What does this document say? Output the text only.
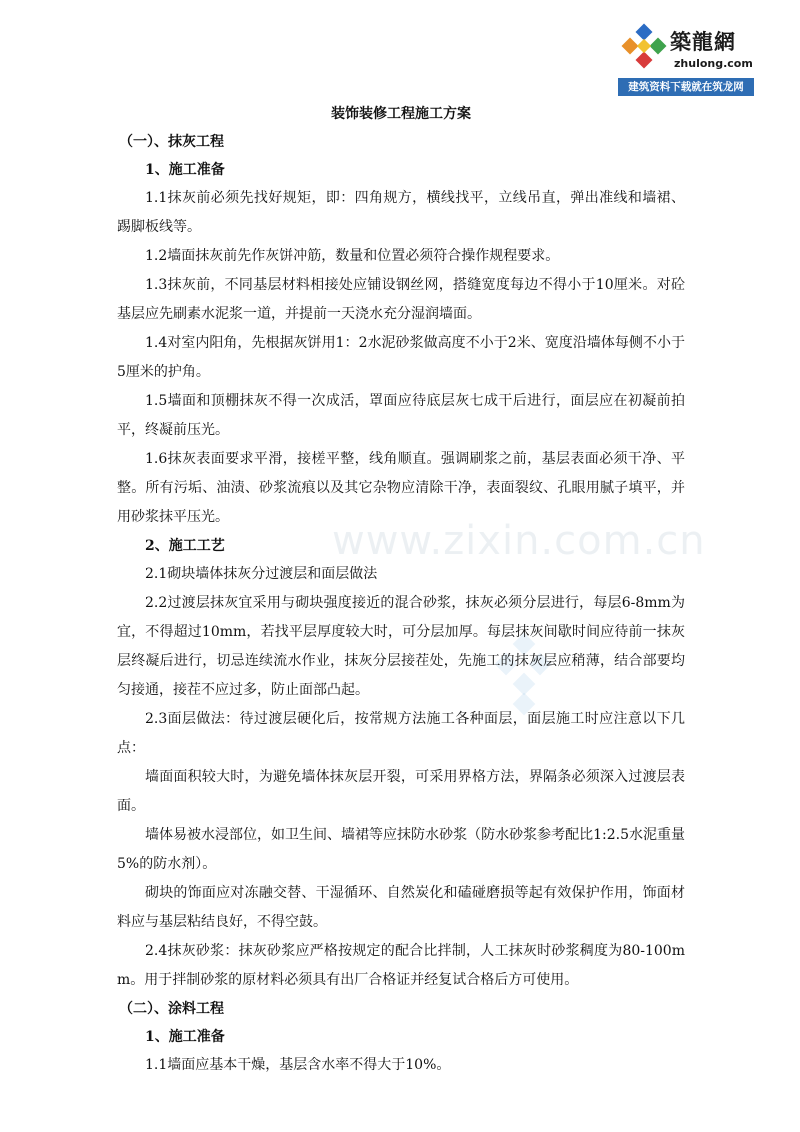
築龍網
zhulong.com
建筑资料下载就在筑龙网
www.zixin.com.cn
装饰装修工程施工方案
（一）、抹灰工程
1、施工准备

1.1抹灰前必须先找好规矩，即：四角规方，横线找平，立线吊直，弹出准线和墙裙、踢脚板线等。

1.2墙面抹灰前先作灰饼冲筋，数量和位置必须符合操作规程要求。

1.3抹灰前，不同基层材料相接处应铺设钢丝网，搭缝宽度每边不得小于10厘米。对砼基层应先刷素水泥浆一道，并提前一天浇水充分湿润墙面。

1.4对室内阳角，先根据灰饼用1：2水泥砂浆做高度不小于2米、宽度沿墙体每侧不小于5厘米的护角。

1.5墙面和顶棚抹灰不得一次成活，罩面应待底层灰七成干后进行，面层应在初凝前拍平，终凝前压光。

1.6抹灰表面要求平滑，接槎平整，线角顺直。强调刷浆之前，基层表面必须干净、平整。所有污垢、油渍、砂浆流痕以及其它杂物应清除干净，表面裂纹、孔眼用腻子填平，并用砂浆抹平压光。

2、施工工艺

2.1砌块墙体抹灰分过渡层和面层做法

2.2过渡层抹灰宜采用与砌块强度接近的混合砂浆，抹灰必须分层进行，每层6-8mm为宜，不得超过10mm，若找平层厚度较大时，可分层加厚。每层抹灰间歇时间应待前一抹灰层终凝后进行，切忌连续流水作业，抹灰分层接茬处，先施工的抹灰层应稍薄，结合部要均匀接通，接茬不应过多，防止面部凸起。

2.3面层做法：待过渡层硬化后，按常规方法施工各种面层，面层施工时应注意以下几点：

墙面面积较大时，为避免墙体抹灰层开裂，可采用界格方法，界隔条必须深入过渡层表面。

墙体易被水浸部位，如卫生间、墙裙等应抹防水砂浆（防水砂浆参考配比1:2.5水泥重量5%的防水剂）。

砌块的饰面应对冻融交替、干湿循环、自然炭化和磕碰磨损等起有效保护作用，饰面材料应与基层粘结良好，不得空鼓。

2.4抹灰砂浆：抹灰砂浆应严格按规定的配合比拌制，人工抹灰时砂浆稠度为80-100mm。用于拌制砂浆的原材料必须具有出厂合格证并经复试合格后方可使用。

（二）、涂料工程
1、施工准备

1.1墙面应基本干燥，基层含水率不得大于10%。
